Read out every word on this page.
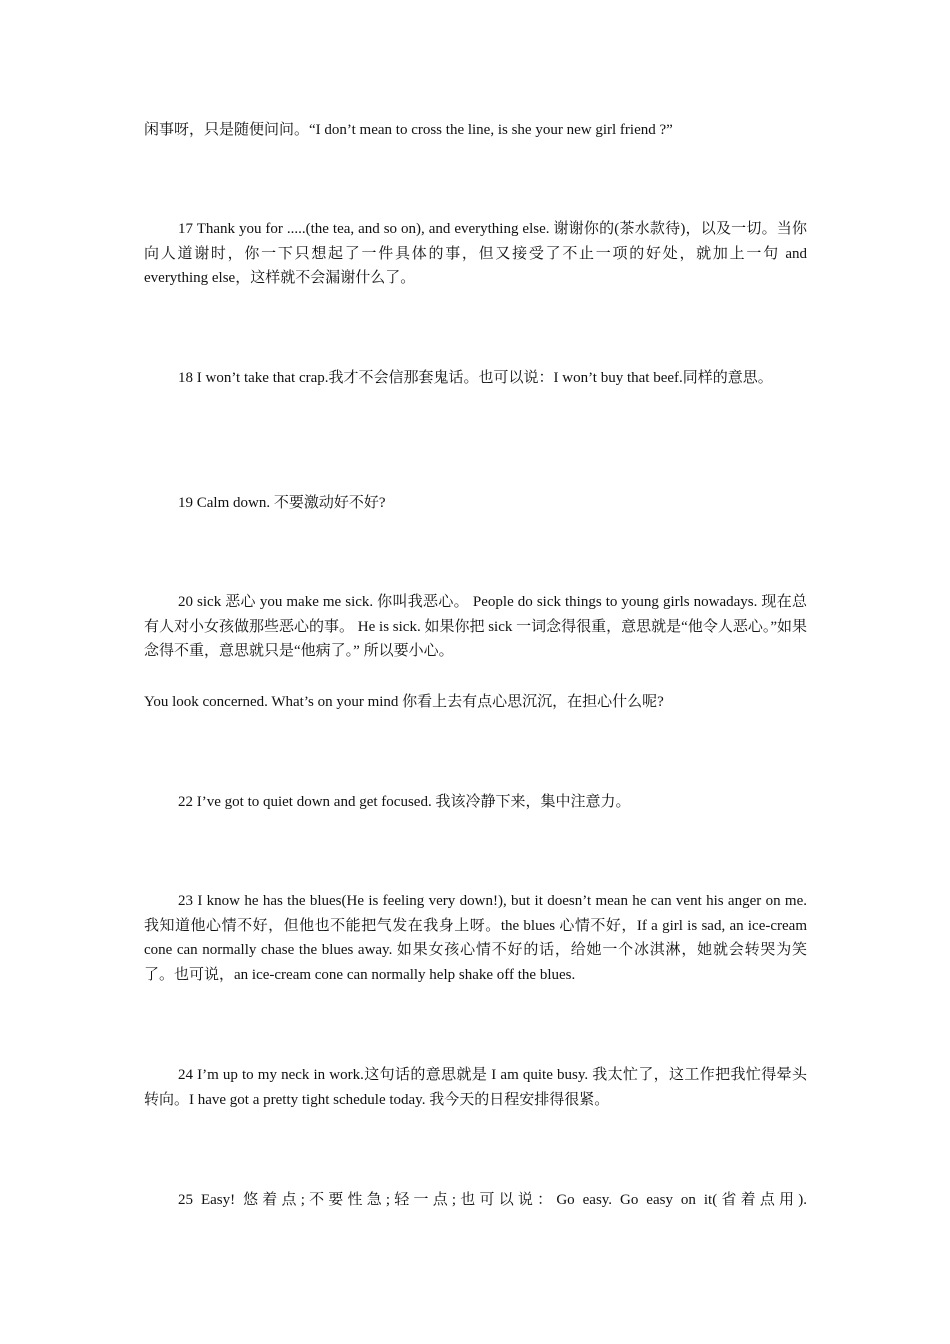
闲事呀，只是随便问问。“I don’t mean to cross the line, is she your new girl friend ?”

17 Thank you for .....(the tea, and so on), and everything else. 谢谢你的(茶水款待)，以及一切。当你向人道谢时，你一下只想起了一件具体的事，但又接受了不止一项的好处，就加上一句 and everything else，这样就不会漏谢什么了。

18 I won’t take that crap.我才不会信那套鬼话。也可以说：I won’t buy that beef.同样的意思。

19 Calm down. 不要激动好不好?

20 sick 恶心 you make me sick. 你叫我恶心。 People do sick things to young girls nowadays. 现在总有人对小女孩做那些恶心的事。 He is sick. 如果你把 sick 一词念得很重，意思就是“他令人恶心。”如果念得不重，意思就只是“他病了。” 所以要小心。

You look concerned. What’s on your mind 你看上去有点心思沉沉，在担心什么呢?

22 I’ve got to quiet down and get focused. 我该冷静下来，集中注意力。

23 I know he has the blues(He is feeling very down!), but it doesn’t mean he can vent his anger on me. 我知道他心情不好，但他也不能把气发在我身上呀。the blues 心情不好，If a girl is sad, an ice-cream cone can normally chase the blues away. 如果女孩心情不好的话，给她一个冰淇淋，她就会转哭为笑了。也可说，an ice-cream cone can normally help shake off the blues.

24 I’m up to my neck in work.这句话的意思就是 I am quite busy. 我太忙了，这工作把我忙得晕头转向。I have got a pretty tight schedule today. 我今天的日程安排得很紧。

25 Easy! 悠着点;不要性急;轻一点;也可以说：Go easy. Go easy on it(省着点用).
